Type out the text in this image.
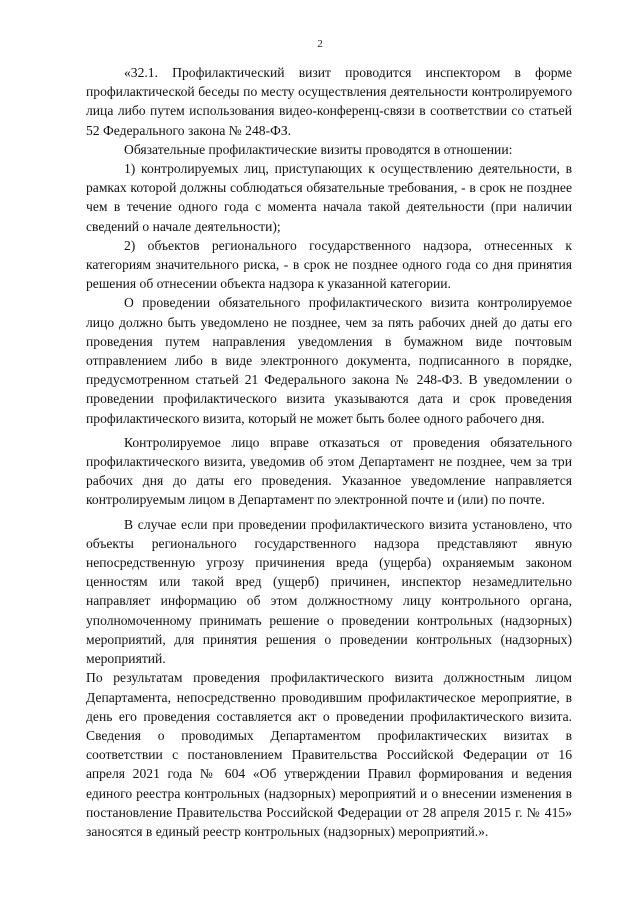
2

«32.1. Профилактический визит проводится инспектором в форме профилактической беседы по месту осуществления деятельности контролируемого лица либо путем использования видео-конференц-связи в соответствии со статьей 52 Федерального закона № 248-ФЗ.

Обязательные профилактические визиты проводятся в отношении:

1) контролируемых лиц, приступающих к осуществлению деятельности, в рамках которой должны соблюдаться обязательные требования, - в срок не позднее чем в течение одного года с момента начала такой деятельности (при наличии сведений о начале деятельности);

2) объектов регионального государственного надзора, отнесенных к категориям значительного риска, - в срок не позднее одного года со дня принятия решения об отнесении объекта надзора к указанной категории.

О проведении обязательного профилактического визита контролируемое лицо должно быть уведомлено не позднее, чем за пять рабочих дней до даты его проведения путем направления уведомления в бумажном виде почтовым отправлением либо в виде электронного документа, подписанного в порядке, предусмотренном статьей 21 Федерального закона № 248-ФЗ. В уведомлении о проведении профилактического визита указываются дата и срок проведения профилактического визита, который не может быть более одного рабочего дня.

Контролируемое лицо вправе отказаться от проведения обязательного профилактического визита, уведомив об этом Департамент не позднее, чем за три рабочих дня до даты его проведения. Указанное уведомление направляется контролируемым лицом в Департамент по электронной почте и (или) по почте.

В случае если при проведении профилактического визита установлено, что объекты регионального государственного надзора представляют явную непосредственную угрозу причинения вреда (ущерба) охраняемым законом ценностям или такой вред (ущерб) причинен, инспектор незамедлительно направляет информацию об этом должностному лицу контрольного органа, уполномоченному принимать решение о проведении контрольных (надзорных) мероприятий, для принятия решения о проведении контрольных (надзорных) мероприятий.

По результатам проведения профилактического визита должностным лицом Департамента, непосредственно проводившим профилактическое мероприятие, в день его проведения составляется акт о проведении профилактического визита. Сведения о проводимых Департаментом профилактических визитах в соответствии с постановлением Правительства Российской Федерации от 16 апреля 2021 года № 604 «Об утверждении Правил формирования и ведения единого реестра контрольных (надзорных) мероприятий и о внесении изменения в постановление Правительства Российской Федерации от 28 апреля 2015 г. № 415» заносятся в единый реестр контрольных (надзорных) мероприятий.».
